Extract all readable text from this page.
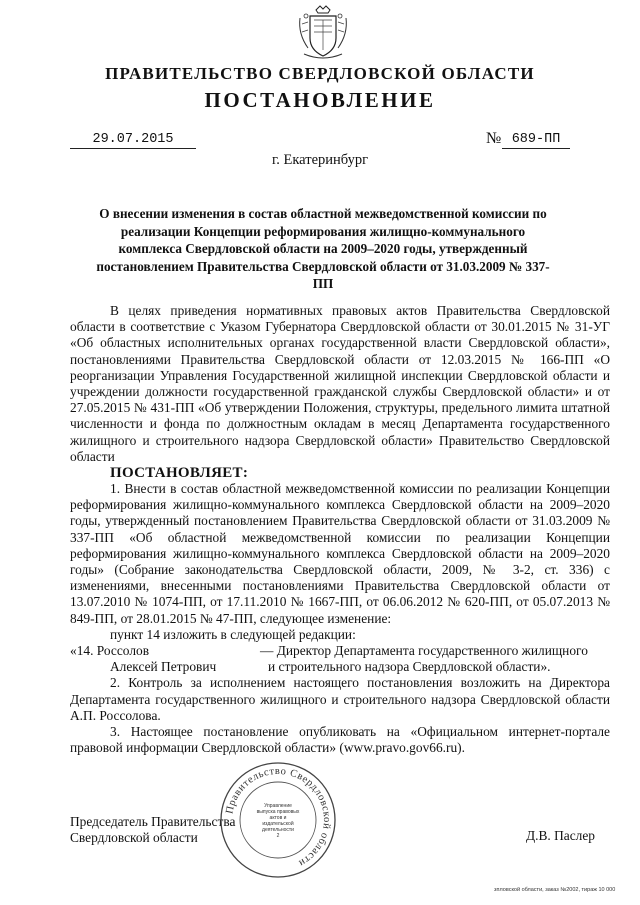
ПРАВИТЕЛЬСТВО СВЕРДЛОВСКОЙ ОБЛАСТИ
ПОСТАНОВЛЕНИЕ
29.07.2015	№ 689-ПП
г. Екатеринбург
О внесении изменения в состав областной межведомственной комиссии по реализации Концепции реформирования жилищно-коммунального комплекса Свердловской области на 2009–2020 годы, утвержденный постановлением Правительства Свердловской области от 31.03.2009 № 337-ПП

В целях приведения нормативных правовых актов Правительства Свердловской области в соответствие с Указом Губернатора Свердловской области от 30.01.2015 № 31-УГ «Об областных исполнительных органах государственной власти Свердловской области», постановлениями Правительства Свердловской области от 12.03.2015 № 166-ПП «О реорганизации Управления Государственной жилищной инспекции Свердловской области и учреждении должности государственной гражданской службы Свердловской области» и от 27.05.2015 № 431-ПП «Об утверждении Положения, структуры, предельного лимита штатной численности и фонда по должностным окладам в месяц Департамента государственного жилищного и строительного надзора Свердловской области» Правительство Свердловской области

ПОСТАНОВЛЯЕТ:

1. Внести в состав областной межведомственной комиссии по реализации Концепции реформирования жилищно-коммунального комплекса Свердловской области на 2009–2020 годы, утвержденный постановлением Правительства Свердловской области от 31.03.2009 № 337-ПП «Об областной межведомственной комиссии по реализации Концепции реформирования жилищно-коммунального комплекса Свердловской области на 2009–2020 годы» (Собрание законодательства Свердловской области, 2009, № 3-2, ст. 336) с изменениями, внесенными постановлениями Правительства Свердловской области от 13.07.2010 № 1074-ПП, от 17.11.2010 № 1667-ПП, от 06.06.2012 № 620-ПП, от 05.07.2013 № 849-ПП, от 28.01.2015 № 47-ПП, следующее изменение:

пункт 14 изложить в следующей редакции:

«14. Россолов
Алексей Петрович
— Директор Департамента государственного жилищного
и строительного надзора Свердловской области».

2. Контроль за исполнением настоящего постановления возложить на Директора Департамента государственного жилищного и строительного надзора Свердловской области А.П. Россолова.

3. Настоящее постановление опубликовать на «Официальном интернет-портале правовой информации Свердловской области» (www.pravo.gov66.ru).

Председатель Правительства
Свердловской области	Д.В. Паслер
Правительство Свердловской области
Управление
выпуска правовых
актов и издательской
деятельности
2
зпловской области, заказ №2002, тираж 10 000
